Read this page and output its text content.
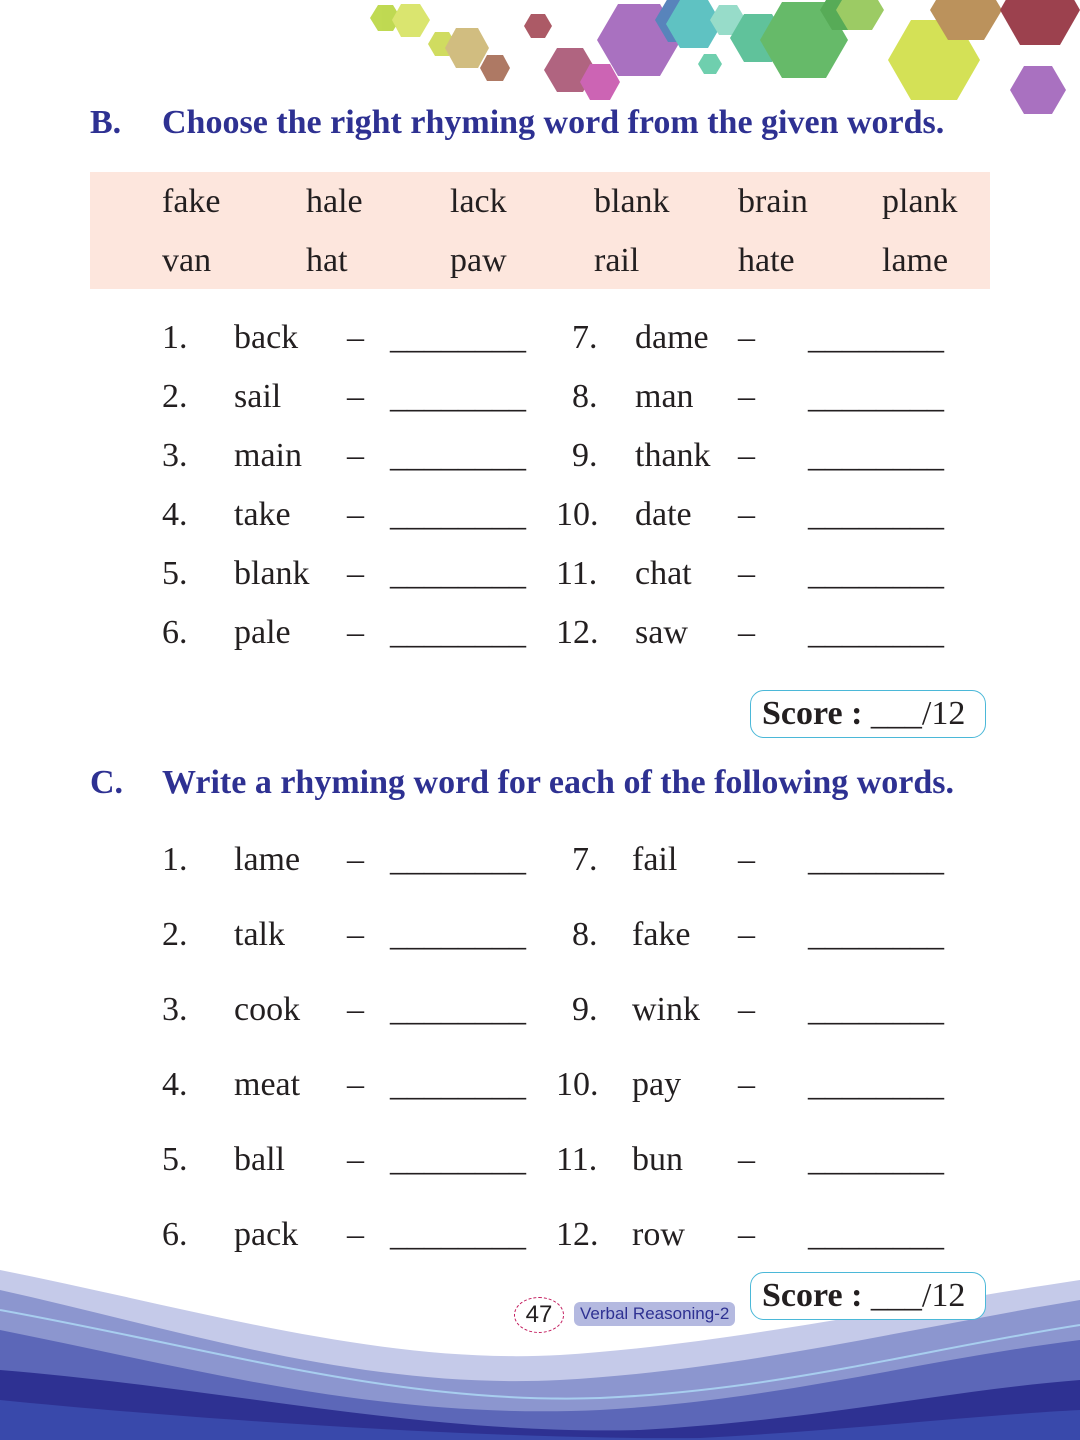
B. Choose the right rhyming word from the given words.
fake	hale	lack	blank brain plank
van	hat	paw	rail	hate	lame
1. back – ________
2. sail – ________
3. main – ________
4. take – ________
5. blank – ________
6. pale – ________
7. dame – ________
8. man – ________
9. thank – ________
10. date – ________
11. chat – ________
12. saw – ________
Score : ___/12
C. Write a rhyming word for each of the following words.
1. lame – ________
2. talk – ________
3. cook – ________
4. meat – ________
5. ball – ________
6. pack – ________
7. fail – ________
8. fake – ________
9. wink – ________
10. pay – ________
11. bun – ________
12. row – ________
Score : ___/12
47	Verbal Reasoning-2
